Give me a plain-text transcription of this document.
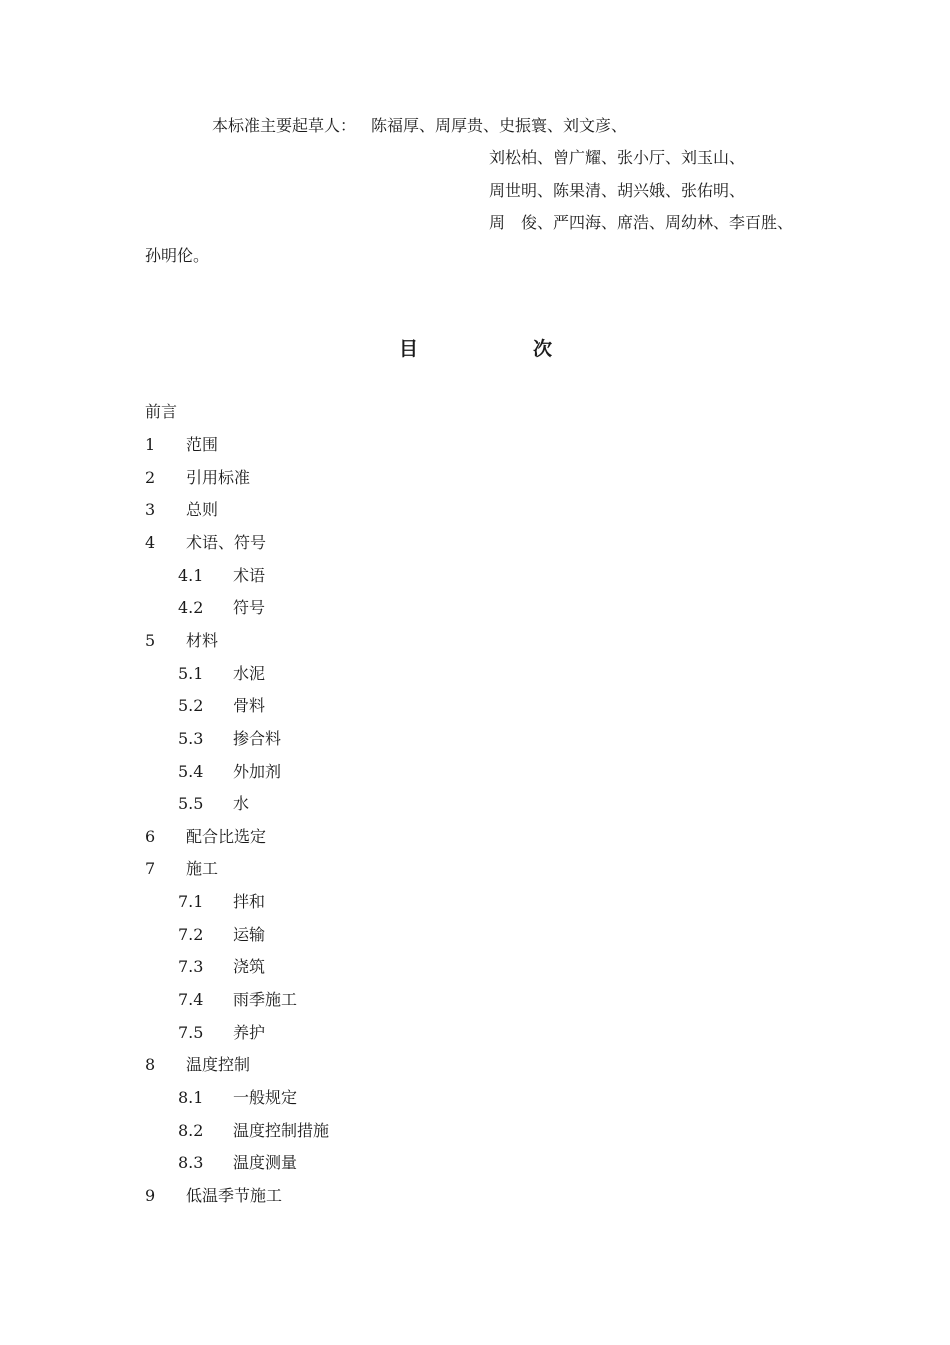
本标准主要起草人： 陈福厚、周厚贵、史振寰、刘文彦、
刘松柏、曾广耀、张小厅、刘玉山、
周世明、陈果清、胡兴娥、张佑明、
周　俊、严四海、席浩、周幼林、李百胜、
孙明伦。
目	次
前言
1 范围
2 引用标准
3 总则
4 术语、符号
4.1 术语
4.2 符号
5 材料
5.1 水泥
5.2 骨料
5.3 掺合料
5.4 外加剂
5.5 水
6 配合比选定
7 施工
7.1 拌和
7.2 运输
7.3 浇筑
7.4 雨季施工
7.5 养护
8 温度控制
8.1 一般规定
8.2 温度控制措施
8.3 温度测量
9 低温季节施工
